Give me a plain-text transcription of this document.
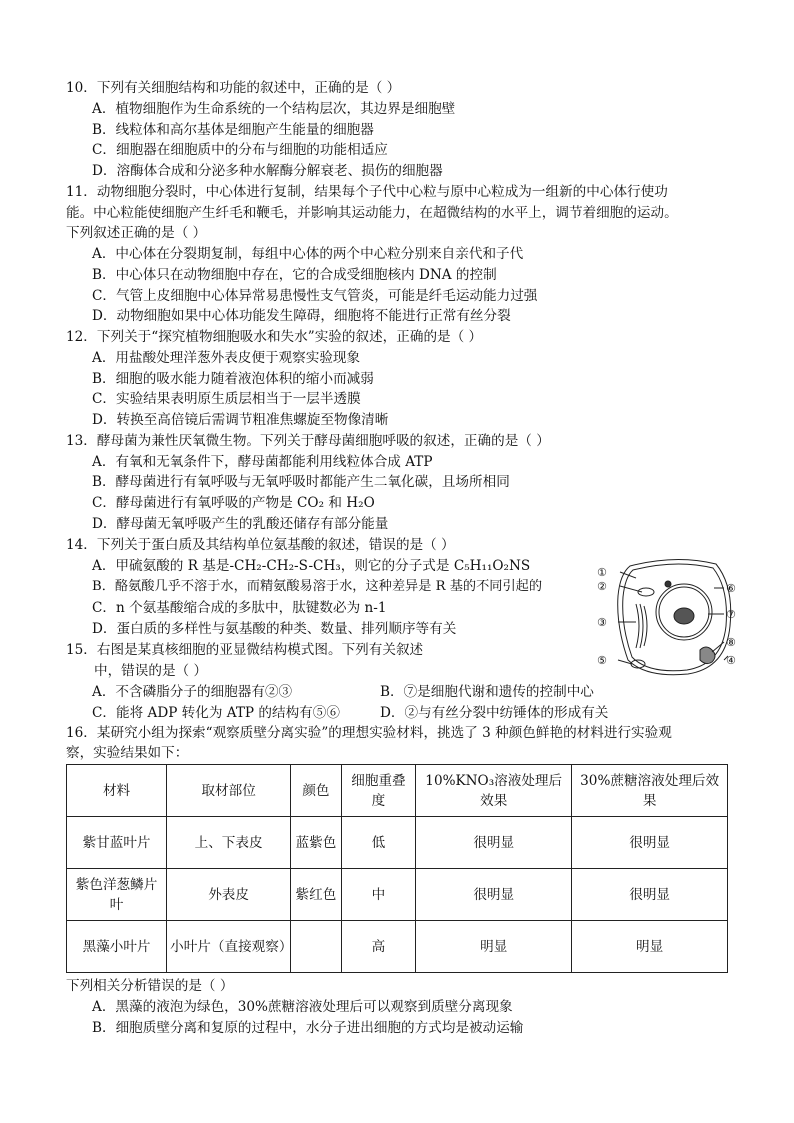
10．下列有关细胞结构和功能的叙述中，正确的是（ ）
A．植物细胞作为生命系统的一个结构层次，其边界是细胞壁
B．线粒体和高尔基体是细胞产生能量的细胞器
C．细胞器在细胞质中的分布与细胞的功能相适应
D．溶酶体合成和分泌多种水解酶分解衰老、损伤的细胞器
11．动物细胞分裂时，中心体进行复制，结果每个子代中心粒与原中心粒成为一组新的中心体行使功
能。中心粒能使细胞产生纤毛和鞭毛，并影响其运动能力，在超微结构的水平上，调节着细胞的运动。
下列叙述正确的是（ ）
A．中心体在分裂期复制，每组中心体的两个中心粒分别来自亲代和子代
B．中心体只在动物细胞中存在，它的合成受细胞核内 DNA 的控制
C．气管上皮细胞中心体异常易患慢性支气管炎，可能是纤毛运动能力过强
D．动物细胞如果中心体功能发生障碍，细胞将不能进行正常有丝分裂
12．下列关于“探究植物细胞吸水和失水”实验的叙述，正确的是（ ）
A．用盐酸处理洋葱外表皮便于观察实验现象
B．细胞的吸水能力随着液泡体积的缩小而减弱
C．实验结果表明原生质层相当于一层半透膜
D．转换至高倍镜后需调节粗准焦螺旋至物像清晰
13．酵母菌为兼性厌氧微生物。下列关于酵母菌细胞呼吸的叙述，正确的是（ ）
A．有氧和无氧条件下，酵母菌都能利用线粒体合成 ATP
B．酵母菌进行有氧呼吸与无氧呼吸时都能产生二氧化碳，且场所相同
C．酵母菌进行有氧呼吸的产物是 CO₂ 和 H₂O
D．酵母菌无氧呼吸产生的乳酸还储存有部分能量
14．下列关于蛋白质及其结构单位氨基酸的叙述，错误的是（ ）
A．甲硫氨酸的 R 基是-CH₂-CH₂-S-CH₃，则它的分子式是 C₅H₁₁O₂NS
B．酪氨酸几乎不溶于水，而精氨酸易溶于水，这种差异是 R 基的不同引起的
C．n 个氨基酸缩合成的多肽中，肽键数必为 n-1
D．蛋白质的多样性与氨基酸的种类、数量、排列顺序等有关
①
②
③
⑤
⑥
⑦
⑧
④
15．右图是某真核细胞的亚显微结构模式图。下列有关叙述
中，错误的是（ ）
A．不含磷脂分子的细胞器有②③	B．⑦是细胞代谢和遗传的控制中心
C．能将 ADP 转化为 ATP 的结构有⑤⑥	D．②与有丝分裂中纺锤体的形成有关
16．某研究小组为探索“观察质壁分离实验”的理想实验材料，挑选了 3 种颜色鲜艳的材料进行实验观
察，实验结果如下：
材料	取材部位	颜色	细胞重叠度	10%KNO₃溶液处理后效果	30%蔗糖溶液处理后效果
紫甘蓝叶片	上、下表皮	蓝紫色	低	很明显	很明显
紫色洋葱鳞片叶	外表皮	紫红色	中	很明显	很明显
黑藻小叶片	小叶片（直接观察）		高	明显	明显
下列相关分析错误的是（ ）
A．黑藻的液泡为绿色，30%蔗糖溶液处理后可以观察到质壁分离现象
B．细胞质壁分离和复原的过程中，水分子进出细胞的方式均是被动运输
